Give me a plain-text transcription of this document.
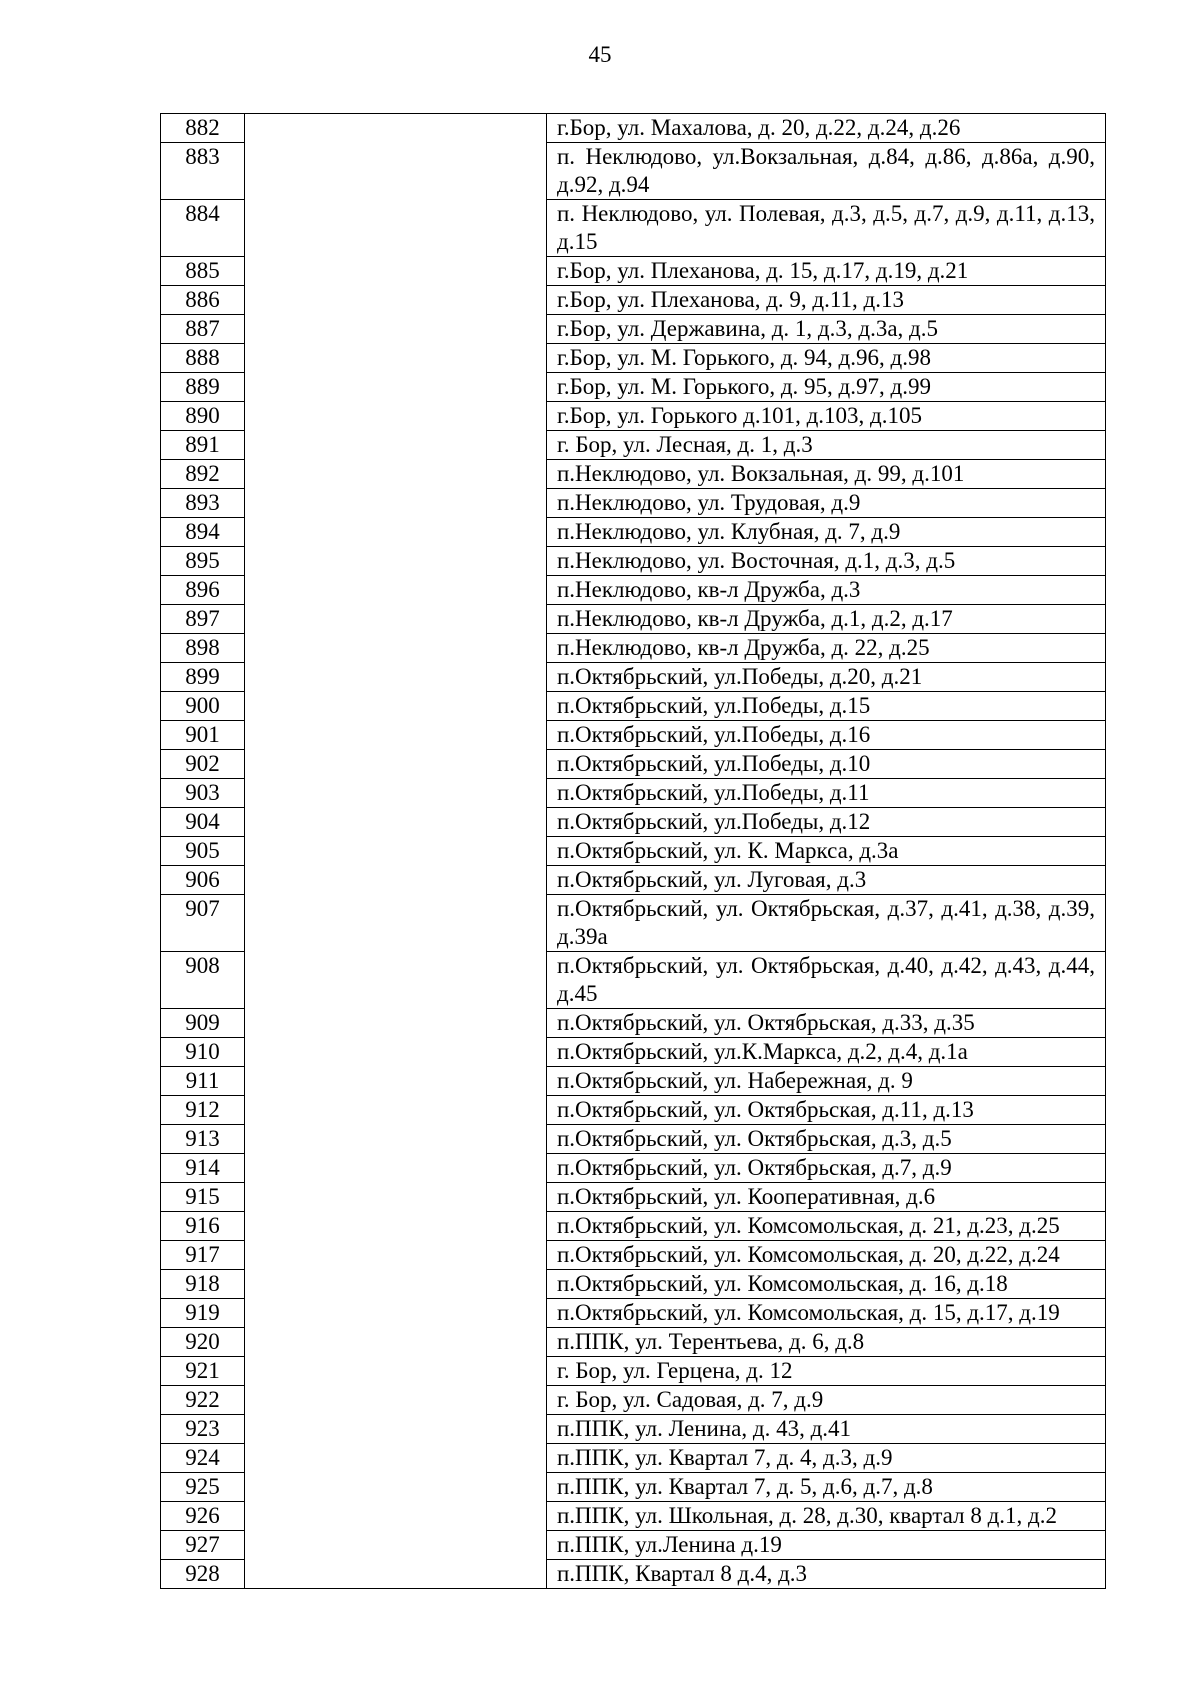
45
882		г.Бор, ул. Махалова, д. 20, д.22, д.24, д.26
883		п. Неклюдово, ул.Вокзальная, д.84, д.86, д.86а, д.90, д.92, д.94
884		п. Неклюдово, ул. Полевая, д.3, д.5, д.7, д.9, д.11, д.13, д.15
885		г.Бор, ул. Плеханова, д. 15, д.17, д.19, д.21
886		г.Бор, ул. Плеханова, д. 9, д.11, д.13
887		г.Бор, ул. Державина, д. 1, д.3, д.3а, д.5
888		г.Бор, ул. М. Горького, д. 94, д.96, д.98
889		г.Бор, ул. М. Горького, д. 95, д.97, д.99
890		г.Бор, ул. Горького д.101, д.103, д.105
891		г. Бор, ул. Лесная, д. 1, д.3
892		п.Неклюдово, ул. Вокзальная, д. 99, д.101
893		п.Неклюдово, ул. Трудовая, д.9
894		п.Неклюдово, ул. Клубная, д. 7, д.9
895		п.Неклюдово, ул. Восточная, д.1, д.3, д.5
896		п.Неклюдово, кв-л Дружба, д.3
897		п.Неклюдово, кв-л Дружба, д.1, д.2, д.17
898		п.Неклюдово, кв-л Дружба, д. 22, д.25
899		п.Октябрьский, ул.Победы, д.20, д.21
900		п.Октябрьский, ул.Победы, д.15
901		п.Октябрьский, ул.Победы, д.16
902		п.Октябрьский, ул.Победы, д.10
903		п.Октябрьский, ул.Победы, д.11
904		п.Октябрьский, ул.Победы, д.12
905		п.Октябрьский, ул. К. Маркса, д.3а
906		п.Октябрьский, ул. Луговая, д.3
907		п.Октябрьский, ул. Октябрьская, д.37, д.41, д.38, д.39, д.39а
908		п.Октябрьский, ул. Октябрьская, д.40, д.42, д.43, д.44, д.45
909		п.Октябрьский, ул. Октябрьская, д.33, д.35
910		п.Октябрьский, ул.К.Маркса, д.2, д.4, д.1а
911		п.Октябрьский, ул. Набережная, д. 9
912		п.Октябрьский, ул. Октябрьская, д.11, д.13
913		п.Октябрьский, ул. Октябрьская, д.3, д.5
914		п.Октябрьский, ул. Октябрьская, д.7, д.9
915		п.Октябрьский, ул. Кооперативная, д.6
916		п.Октябрьский, ул. Комсомольская, д. 21, д.23, д.25
917		п.Октябрьский, ул. Комсомольская, д. 20, д.22, д.24
918		п.Октябрьский, ул. Комсомольская, д. 16, д.18
919		п.Октябрьский, ул. Комсомольская, д. 15, д.17, д.19
920		п.ППК, ул. Терентьева, д. 6, д.8
921		г. Бор, ул. Герцена, д. 12
922		г. Бор, ул. Садовая, д. 7, д.9
923		п.ППК, ул. Ленина, д. 43, д.41
924		п.ППК, ул. Квартал 7, д. 4, д.3, д.9
925		п.ППК, ул. Квартал 7, д. 5, д.6, д.7, д.8
926		п.ППК, ул. Школьная, д. 28, д.30, квартал 8 д.1, д.2
927		п.ППК, ул.Ленина д.19
928		п.ППК, Квартал 8 д.4, д.3
